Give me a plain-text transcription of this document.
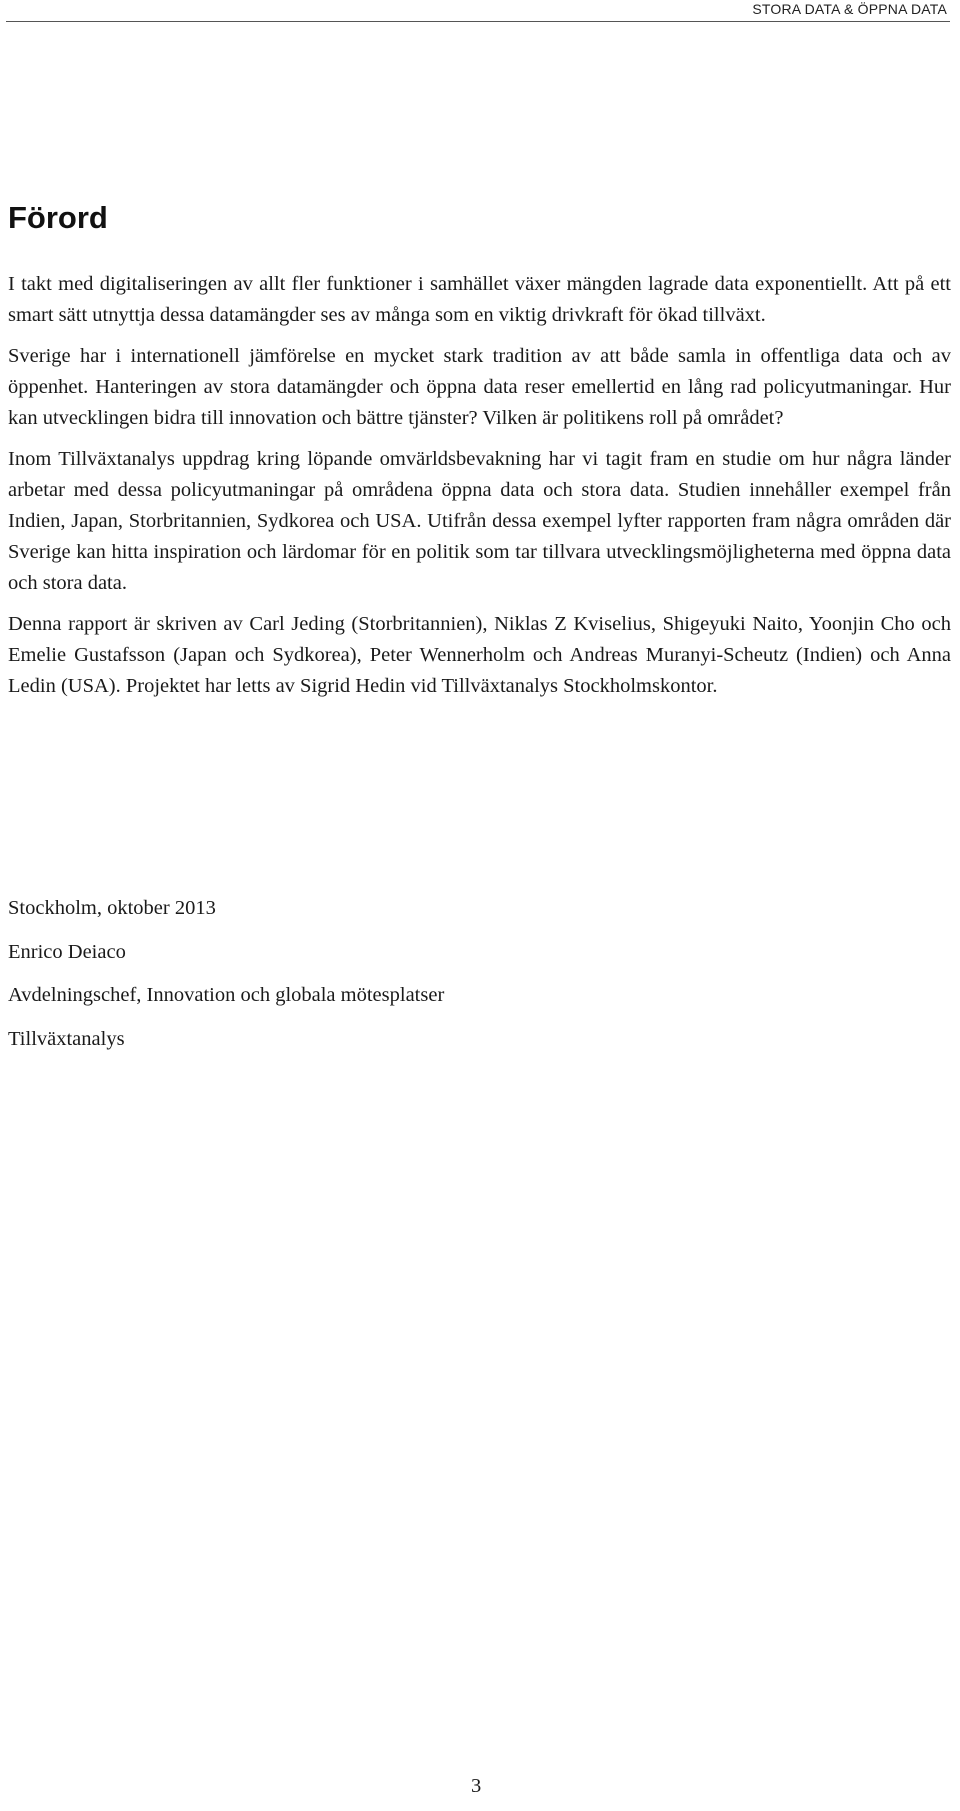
STORA DATA & ÖPPNA DATA
Förord

I takt med digitaliseringen av allt fler funktioner i samhället växer mängden lagrade data exponentiellt. Att på ett smart sätt utnyttja dessa datamängder ses av många som en viktig drivkraft för ökad tillväxt.

Sverige har i internationell jämförelse en mycket stark tradition av att både samla in offentliga data och av öppenhet. Hanteringen av stora datamängder och öppna data reser emellertid en lång rad policyutmaningar. Hur kan utvecklingen bidra till innovation och bättre tjänster? Vilken är politikens roll på området?

Inom Tillväxtanalys uppdrag kring löpande omvärldsbevakning har vi tagit fram en studie om hur några länder arbetar med dessa policyutmaningar på områdena öppna data och stora data. Studien innehåller exempel från Indien, Japan, Storbritannien, Sydkorea och USA. Utifrån dessa exempel lyfter rapporten fram några områden där Sverige kan hitta inspiration och lärdomar för en politik som tar tillvara utvecklingsmöjligheterna med öppna data och stora data.

Denna rapport är skriven av Carl Jeding (Storbritannien), Niklas Z Kviselius, Shigeyuki Naito, Yoonjin Cho och Emelie Gustafsson (Japan och Sydkorea), Peter Wennerholm och Andreas Muranyi-Scheutz (Indien) och Anna Ledin (USA). Projektet har letts av Sigrid Hedin vid Tillväxtanalys Stockholmskontor.

Stockholm, oktober 2013
Enrico Deiaco
Avdelningschef, Innovation och globala mötesplatser
Tillväxtanalys
3
